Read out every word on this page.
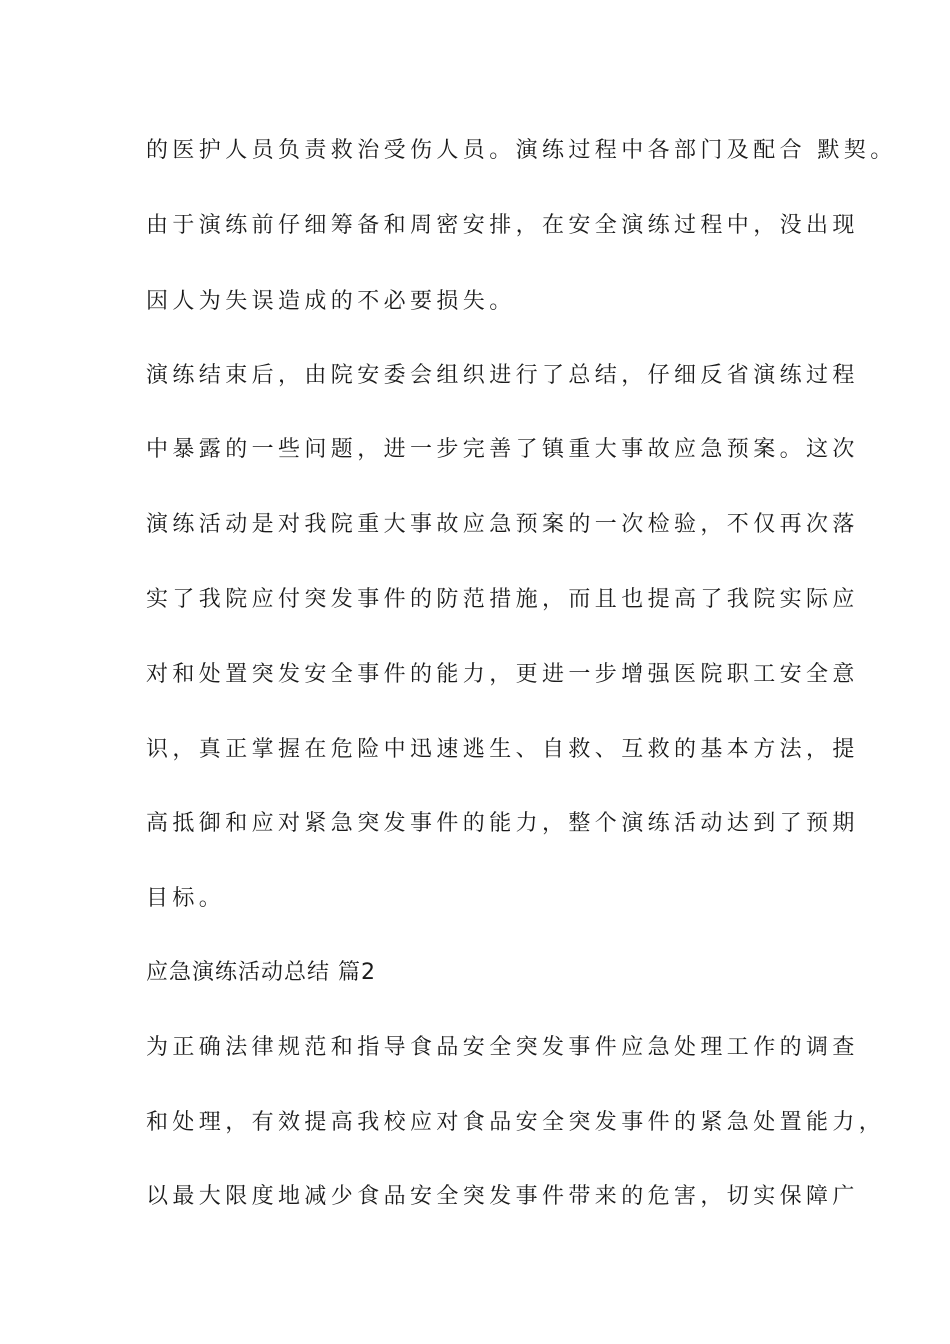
的医护人员负责救治受伤人员。演练过程中各部门及配合 默契。
由于演练前仔细筹备和周密安排，在安全演练过程中，没出现
因人为失误造成的不必要损失。
演练结束后，由院安委会组织进行了总结，仔细反省演练过程
中暴露的一些问题，进一步完善了镇重大事故应急预案。这次
演练活动是对我院重大事故应急预案的一次检验，不仅再次落
实了我院应付突发事件的防范措施，而且也提高了我院实际应
对和处置突发安全事件的能力，更进一步增强医院职工安全意
识，真正掌握在危险中迅速逃生、自救、互救的基本方法，提
高抵御和应对紧急突发事件的能力，整个演练活动达到了预期
目标。
应急演练活动总结 篇2
为正确法律规范和指导食品安全突发事件应急处理工作的调查
和处理，有效提高我校应对食品安全突发事件的紧急处置能力，
以最大限度地减少食品安全突发事件带来的危害，切实保障广
